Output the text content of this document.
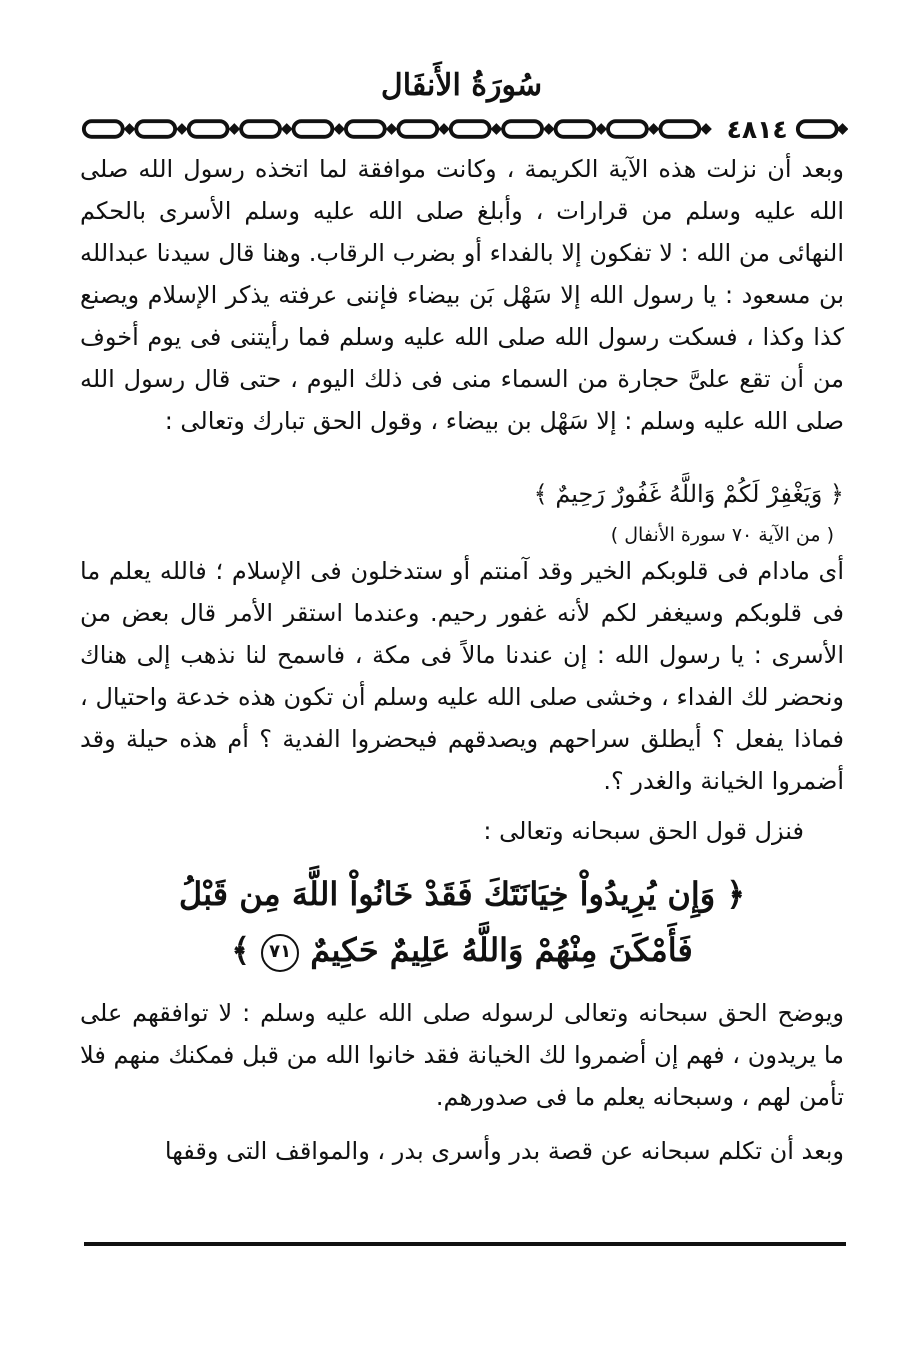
سُورَةُ الأَنفَال
٤٨١٤

وبعد أن نزلت هذه الآية الكريمة ، وكانت موافقة لما اتخذه رسول الله صلى الله عليه وسلم من قرارات ، وأبلغ صلى الله عليه وسلم الأسرى بالحكم النهائى من الله : لا تفكون إلا بالفداء أو بضرب الرقاب. وهنا قال سيدنا عبدالله بن مسعود : يا رسول الله إلا سَهْل بَن بيضاء فإننى عرفته يذكر الإسلام ويصنع كذا وكذا ، فسكت رسول الله صلى الله عليه وسلم فما رأيتنى فى يوم أخوف من أن تقع علىَّ حجارة من السماء منى فى ذلك اليوم ، حتى قال رسول الله صلى الله عليه وسلم : إلا سَهْل بن بيضاء ، وقول الحق تبارك وتعالى :

﴿ وَيَغْفِرْ لَكُمْ وَاللَّهُ غَفُورٌ رَحِيمٌ ﴾

( من الآية ٧٠ سورة الأنفال )

أى مادام فى قلوبكم الخير وقد آمنتم أو ستدخلون فى الإسلام ؛ فالله يعلم ما فى قلوبكم وسيغفر لكم لأنه غفور رحيم. وعندما استقر الأمر قال بعض من الأسرى : يا رسول الله : إن عندنا مالاً فى مكة ، فاسمح لنا نذهب إلى هناك ونحضر لك الفداء ، وخشى صلى الله عليه وسلم أن تكون هذه خدعة واحتيال ، فماذا يفعل ؟ أيطلق سراحهم ويصدقهم فيحضروا الفدية ؟ أم هذه حيلة وقد أضمروا الخيانة والغدر ؟.

فنزل قول الحق سبحانه وتعالى :

﴿ وَإِن يُرِيدُواْ خِيَانَتَكَ فَقَدْ خَانُواْ اللَّهَ مِن قَبْلُ
فَأَمْكَنَ مِنْهُمْ وَاللَّهُ عَلِيمٌ حَكِيمٌ ٧١ ﴾

ويوضح الحق سبحانه وتعالى لرسوله صلى الله عليه وسلم : لا توافقهم على ما يريدون ، فهم إن أضمروا لك الخيانة فقد خانوا الله من قبل فمكنك منهم فلا تأمن لهم ، وسبحانه يعلم ما فى صدورهم.

وبعد أن تكلم سبحانه عن قصة بدر وأسرى بدر ، والمواقف التى وقفها
